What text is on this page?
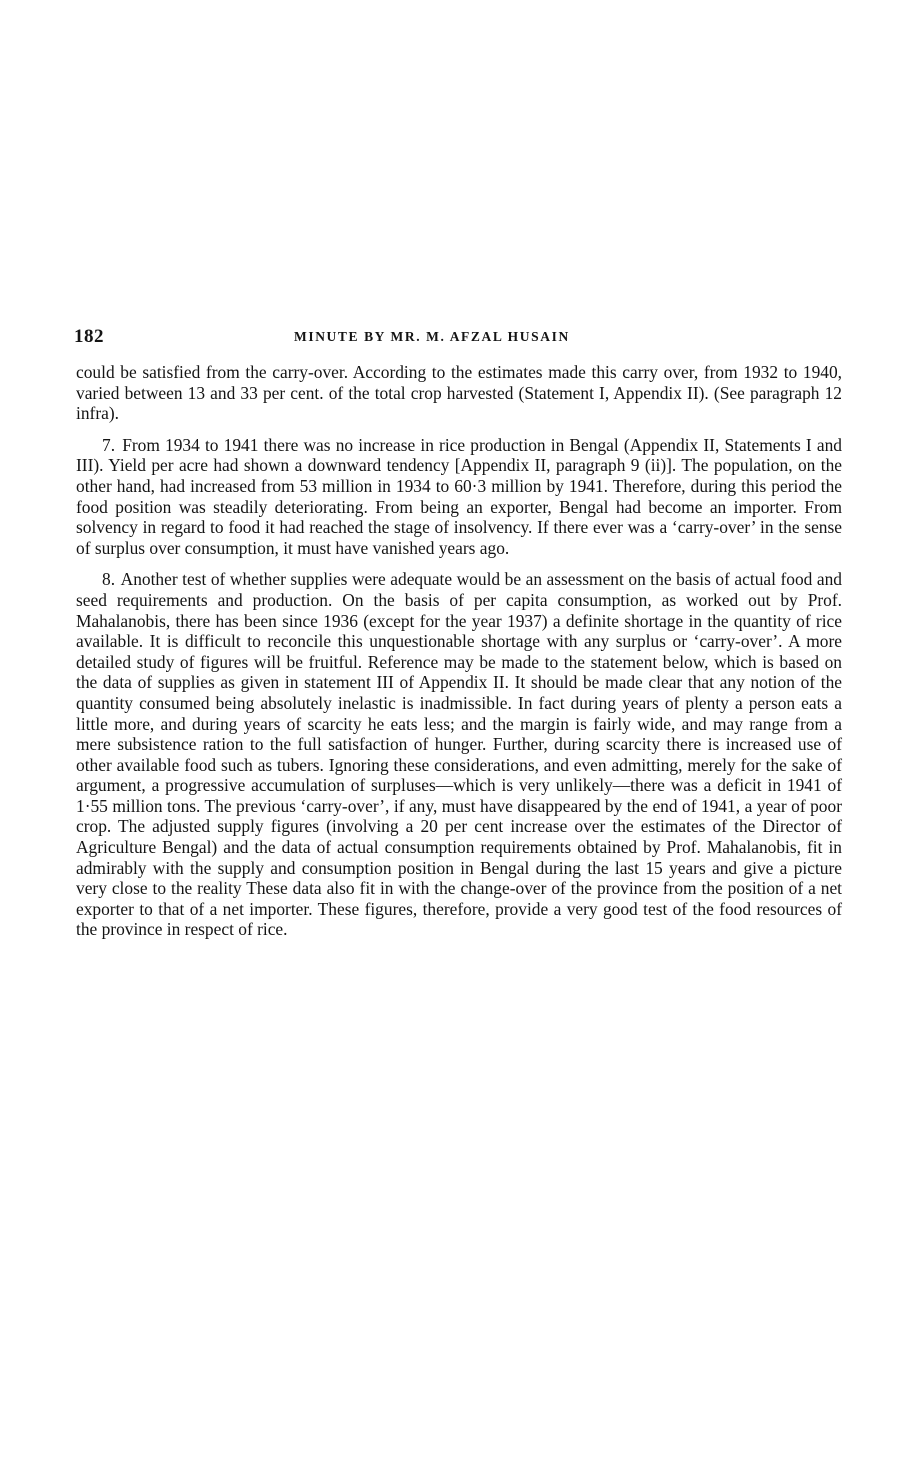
182	MINUTE BY MR. M. AFZAL HUSAIN

could be satisfied from the carry-over. According to the estimates made this carry over, from 1932 to 1940, varied between 13 and 33 per cent. of the total crop harvested (Statement I, Appendix II). (See paragraph 12 infra).

7. From 1934 to 1941 there was no increase in rice production in Bengal (Appendix II, Statements I and III). Yield per acre had shown a downward tendency [Appendix II, paragraph 9 (ii)]. The population, on the other hand, had increased from 53 million in 1934 to 60·3 million by 1941. Therefore, during this period the food position was steadily deteriorating. From being an exporter, Bengal had become an importer. From solvency in regard to food it had reached the stage of insolvency. If there ever was a ‘carry-over’ in the sense of surplus over consumption, it must have vanished years ago.

8. Another test of whether supplies were adequate would be an assessment on the basis of actual food and seed requirements and production. On the basis of per capita consumption, as worked out by Prof. Mahalanobis, there has been since 1936 (except for the year 1937) a definite shortage in the quantity of rice available. It is difficult to reconcile this unquestionable shortage with any surplus or ‘carry-over’. A more detailed study of figures will be fruitful. Reference may be made to the statement below, which is based on the data of supplies as given in statement III of Appendix II. It should be made clear that any notion of the quantity consumed being absolutely inelastic is inadmissible. In fact during years of plenty a person eats a little more, and during years of scarcity he eats less; and the margin is fairly wide, and may range from a mere subsistence ration to the full satisfaction of hunger. Further, during scarcity there is increased use of other available food such as tubers. Ignoring these considerations, and even admitting, merely for the sake of argument, a progressive accumulation of surpluses—which is very unlikely—there was a deficit in 1941 of 1·55 million tons. The previous ‘carry-over’, if any, must have disappeared by the end of 1941, a year of poor crop. The adjusted supply figures (involving a 20 per cent increase over the estimates of the Director of Agriculture Bengal) and the data of actual consumption requirements obtained by Prof. Mahalanobis, fit in admirably with the supply and consumption position in Bengal during the last 15 years and give a picture very close to the reality These data also fit in with the change-over of the province from the position of a net exporter to that of a net importer. These figures, therefore, provide a very good test of the food resources of the province in respect of rice.
